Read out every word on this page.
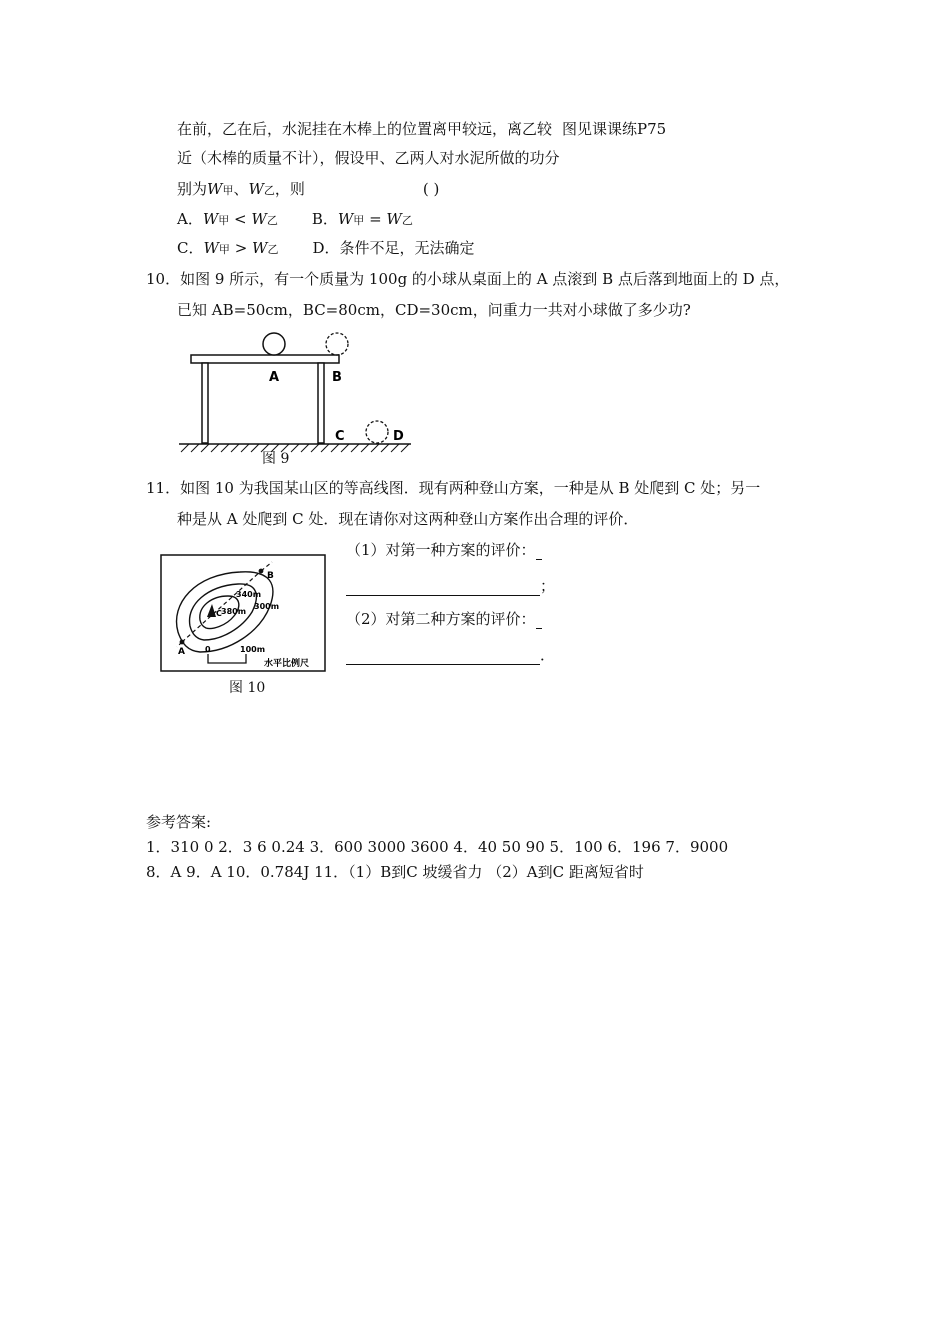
在前，乙在后，水泥挂在木棒上的位置离甲较远，离乙较 图见课课练P75
近（木棒的质量不计），假设甲、乙两人对水泥所做的功分
别为W甲、W乙，则	( )
A．W甲 < W乙 B．W甲 = W乙
C．W甲 > W乙 D．条件不足，无法确定
10．如图 9 所示，有一个质量为 100g 的小球从桌面上的 A 点滚到 B 点后落到地面上的 D 点，
已知 AB=50cm，BC=80cm，CD=30cm，问重力一共对小球做了多少功?
A	B
C	D
图 9
11．如图 10 为我国某山区的等高线图．现有两种登山方案，一种是从 B 处爬到 C 处；另一
种是从 A 处爬到 C 处．现在请你对这两种登山方案作出合理的评价．
B
A
C
340m
300m
380m
0	100m
水平比例尺
图 10
（1）对第一种方案的评价：
；
（2）对第二种方案的评价：
．
参考答案:
1．310 0 2．3 6 0.24 3．600 3000 3600 4．40 50 90 5．100 6．196 7．9000
8．A 9．A 10．0.784J 11．（1）B到C 坡缓省力 （2）A到C 距离短省时
